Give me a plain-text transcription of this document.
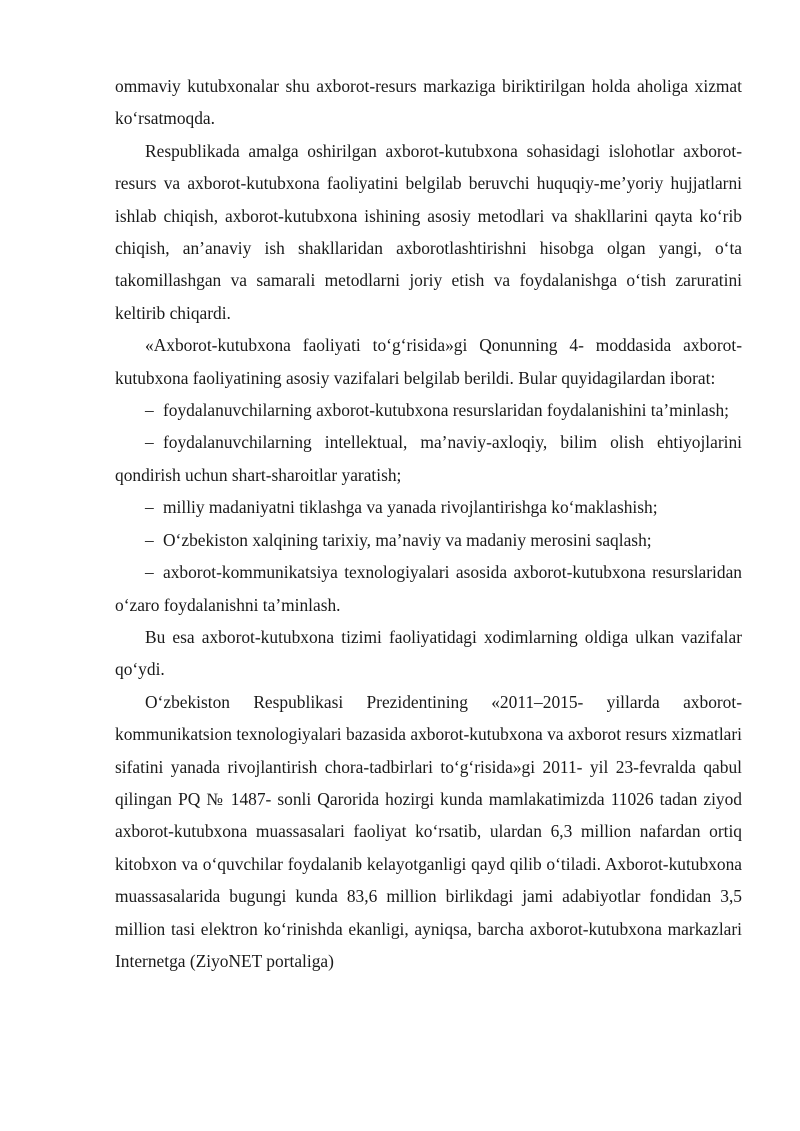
ommaviy kutubxonalar shu axborot-resurs markaziga biriktirilgan holda aholiga xizmat ko‘rsatmoqda.

Respublikada amalga oshirilgan axborot-kutubxona sohasidagi islohotlar axborot-resurs va axborot-kutubxona faoliyatini belgilab beruvchi huquqiy-me’yoriy hujjatlarni ishlab chiqish, axborot-kutubxona ishining asosiy metodlari va shakllarini qayta ko‘rib chiqish, an’anaviy ish shakllaridan axborotlashtirishni hisobga olgan yangi, o‘ta takomillashgan va samarali metodlarni joriy etish va foydalanishga o‘tish zaruratini keltirib chiqardi.

«Axborot-kutubxona faoliyati to‘g‘risida»gi Qonunning 4- moddasida axborot-kutubxona faoliyatining asosiy vazifalari belgilab berildi. Bular quyidagilardan iborat:

– foydalanuvchilarning axborot-kutubxona resurslaridan foydalanishini ta’minlash;

– foydalanuvchilarning intellektual, ma’naviy-axloqiy, bilim olish ehtiyojlarini qondirish uchun shart-sharoitlar yaratish;

– milliy madaniyatni tiklashga va yanada rivojlantirishga ko‘maklashish;

– O‘zbekiston xalqining tarixiy, ma’naviy va madaniy merosini saqlash;

– axborot-kommunikatsiya texnologiyalari asosida axborot-kutubxona resurslaridan o‘zaro foydalanishni ta’minlash.

Bu esa axborot-kutubxona tizimi faoliyatidagi xodimlarning oldiga ulkan vazifalar qo‘ydi.

O‘zbekiston Respublikasi Prezidentining «2011–2015- yillarda axborot-kommunikatsion texnologiyalari bazasida axborot-kutubxona va axborot resurs xizmatlari sifatini yanada rivojlantirish chora-tadbirlari to‘g‘risida»gi 2011- yil 23-fevralda qabul qilingan PQ № 1487- sonli Qarorida hozirgi kunda mamlakatimizda 11026 tadan ziyod axborot-kutubxona muassasalari faoliyat ko‘rsatib, ulardan 6,3 million nafardan ortiq kitobxon va o‘quvchilar foydalanib kelayotganligi qayd qilib o‘tiladi. Axborot-kutubxona muassasalarida bugungi kunda 83,6 million birlikdagi jami adabiyotlar fondidan 3,5 million tasi elektron ko‘rinishda ekanligi, ayniqsa, barcha axborot-kutubxona markazlari Internetga (ZiyoNET portaliga)
